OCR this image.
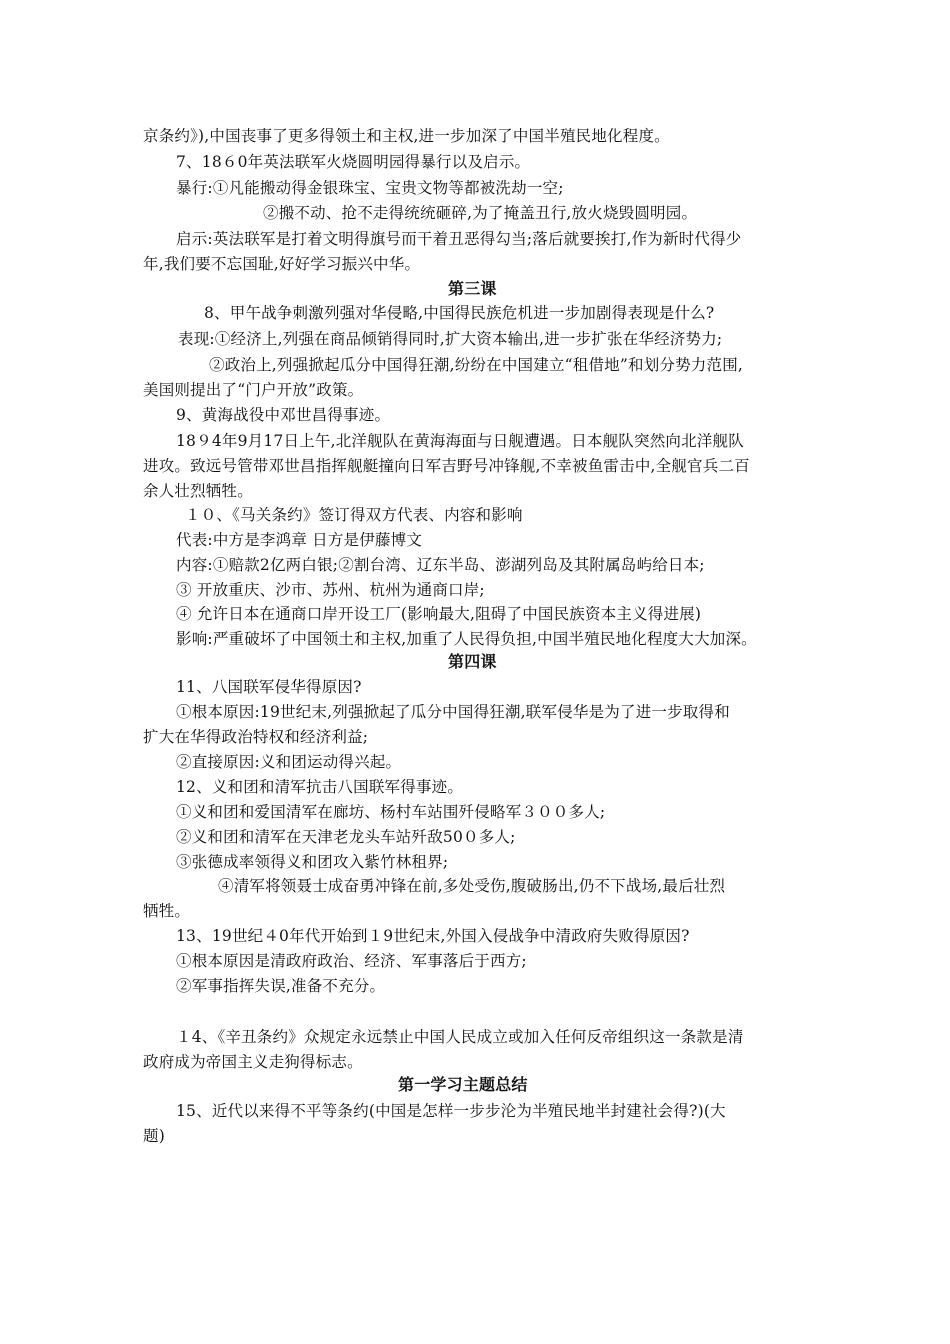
京条约》),中国丧事了更多得领土和主权,进一步加深了中国半殖民地化程度。
7、18６0年英法联军火烧圆明园得暴行以及启示。
暴行:①凡能搬动得金银珠宝、宝贵文物等都被洗劫一空;
②搬不动、抢不走得统统砸碎,为了掩盖丑行,放火烧毁圆明园。
启示:英法联军是打着文明得旗号而干着丑恶得勾当;落后就要挨打,作为新时代得少
年,我们要不忘国耻,好好学习振兴中华。
第三课
8、甲午战争刺激列强对华侵略,中国得民族危机进一步加剧得表现是什么?
表现:①经济上,列强在商品倾销得同时,扩大资本输出,进一步扩张在华经济势力;
②政治上,列强掀起瓜分中国得狂潮,纷纷在中国建立“租借地”和划分势力范围,
美国则提出了“门户开放”政策。
9、黄海战役中邓世昌得事迹。
18９4年9月17日上午,北洋舰队在黄海海面与日舰遭遇。日本舰队突然向北洋舰队
进攻。致远号管带邓世昌指挥舰艇撞向日军吉野号冲锋舰,不幸被鱼雷击中,全舰官兵二百
余人壮烈牺牲。
１０、《马关条约》签订得双方代表、内容和影响
代表:中方是李鸿章 日方是伊藤博文
内容:①赔款2亿两白银;②割台湾、辽东半岛、澎湖列岛及其附属岛屿给日本;
③ 开放重庆、沙市、苏州、杭州为通商口岸;
④ 允许日本在通商口岸开设工厂(影响最大,阻碍了中国民族资本主义得进展)
影响:严重破坏了中国领土和主权,加重了人民得负担,中国半殖民地化程度大大加深。
第四课
11、八国联军侵华得原因?
①根本原因:19世纪末,列强掀起了瓜分中国得狂潮,联军侵华是为了进一步取得和
扩大在华得政治特权和经济利益;
②直接原因:义和团运动得兴起。
12、义和团和清军抗击八国联军得事迹。
①义和团和爱国清军在廊坊、杨村车站围歼侵略军３００多人;
②义和团和清军在天津老龙头车站歼敌50０多人;
③张德成率领得义和团攻入紫竹林租界;
④清军将领聂士成奋勇冲锋在前,多处受伤,腹破肠出,仍不下战场,最后壮烈
牺牲。
13、19世纪４0年代开始到１9世纪末,外国入侵战争中清政府失败得原因?
①根本原因是清政府政治、经济、军事落后于西方;
②军事指挥失误,准备不充分。
１4、《辛丑条约》众规定永远禁止中国人民成立或加入任何反帝组织这一条款是清
政府成为帝国主义走狗得标志。
第一学习主题总结
15、近代以来得不平等条约(中国是怎样一步步沦为半殖民地半封建社会得?)(大
题)
